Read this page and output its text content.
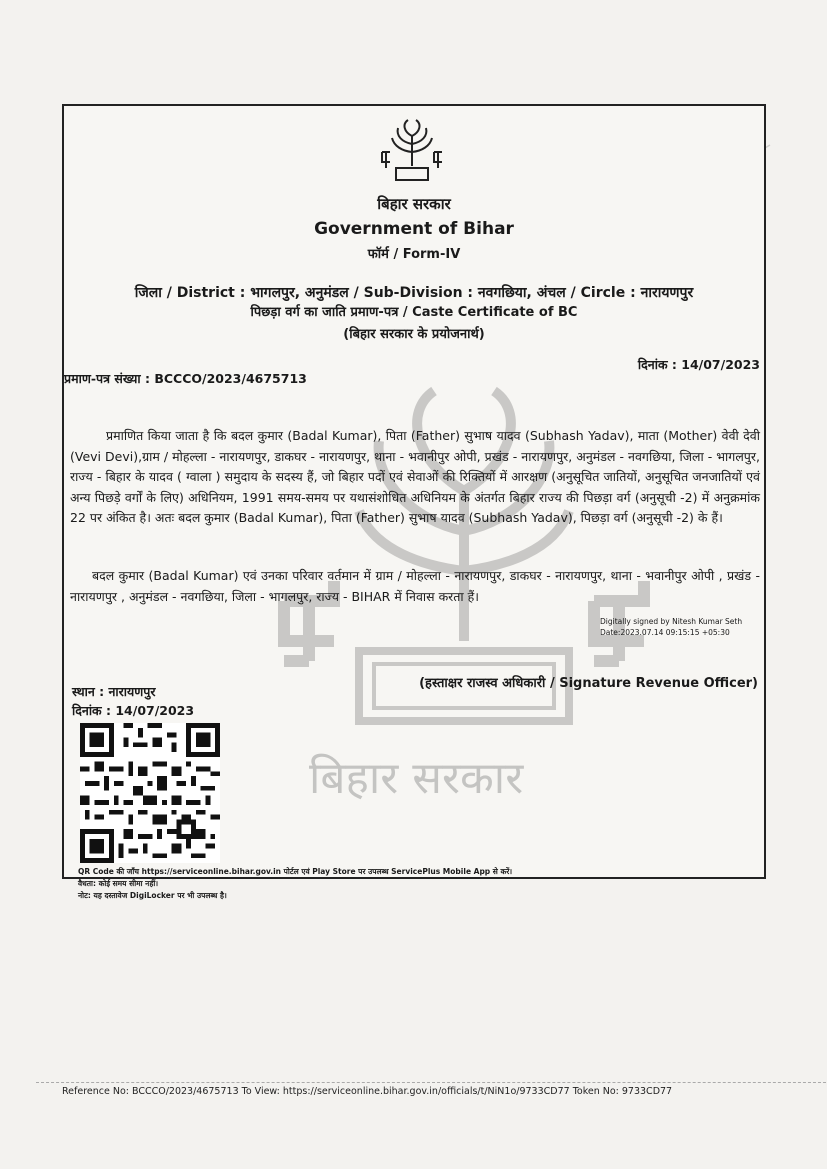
बिहार सरकार
बिहार सरकार
Government of Bihar
फॉर्म / Form-IV
जिला / District : भागलपुर, अनुमंडल / Sub-Division : नवगछिया, अंचल / Circle : नारायणपुर
पिछड़ा वर्ग का जाति प्रमाण-पत्र / Caste Certificate of BC
(बिहार सरकार के प्रयोजनार्थ)
दिनांक : 14/07/2023
प्रमाण-पत्र संख्या : BCCCO/2023/4675713
प्रमाणित किया जाता है कि बदल कुमार (Badal Kumar), पिता (Father) सुभाष यादव (Subhash Yadav), माता (Mother) वेवी देवी (Vevi Devi),ग्राम / मोहल्ला - नारायणपुर, डाकघर - नारायणपुर, थाना - भवानीपुर ओपी, प्रखंड - नारायणपुर, अनुमंडल - नवगछिया, जिला - भागलपुर, राज्य - बिहार के यादव ( ग्वाला ) समुदाय के सदस्य हैं, जो बिहार पदों एवं सेवाओं की रिक्तियों में आरक्षण (अनुसूचित जातियों, अनुसूचित जनजातियों एवं अन्य पिछड़े वर्गों के लिए) अधिनियम, 1991 समय-समय पर यथासंशोधित अधिनियम के अंतर्गत बिहार राज्य की पिछड़ा वर्ग (अनुसूची -2) में अनुक्रमांक 22 पर अंकित है। अतः बदल कुमार (Badal Kumar), पिता (Father) सुभाष यादव (Subhash Yadav), पिछड़ा वर्ग (अनुसूची -2) के हैं।
बदल कुमार (Badal Kumar) एवं उनका परिवार वर्तमान में ग्राम / मोहल्ला - नारायणपुर, डाकघर - नारायणपुर, थाना - भवानीपुर ओपी , प्रखंड - नारायणपुर , अनुमंडल - नवगछिया, जिला - भागलपुर, राज्य - BIHAR में निवास करता हैं।
Digitally signed by Nitesh Kumar Seth
Date:2023.07.14 09:15:15 +05:30
स्थान : नारायणपुर
दिनांक : 14/07/2023
(हस्ताक्षर राजस्व अधिकारी / Signature Revenue Officer)
QR Code की जाँच https://serviceonline.bihar.gov.in पोर्टल एवं Play Store पर उपलब्ध ServicePlus Mobile App से करें।
वैधता: कोई समय सीमा नहीं।
नोट: यह दस्तावेज DigiLocker पर भी उपलब्ध है।
Reference No: BCCCO/2023/4675713 To View: https://serviceonline.bihar.gov.in/officials/t/NiN1o/9733CD77 Token No: 9733CD77
